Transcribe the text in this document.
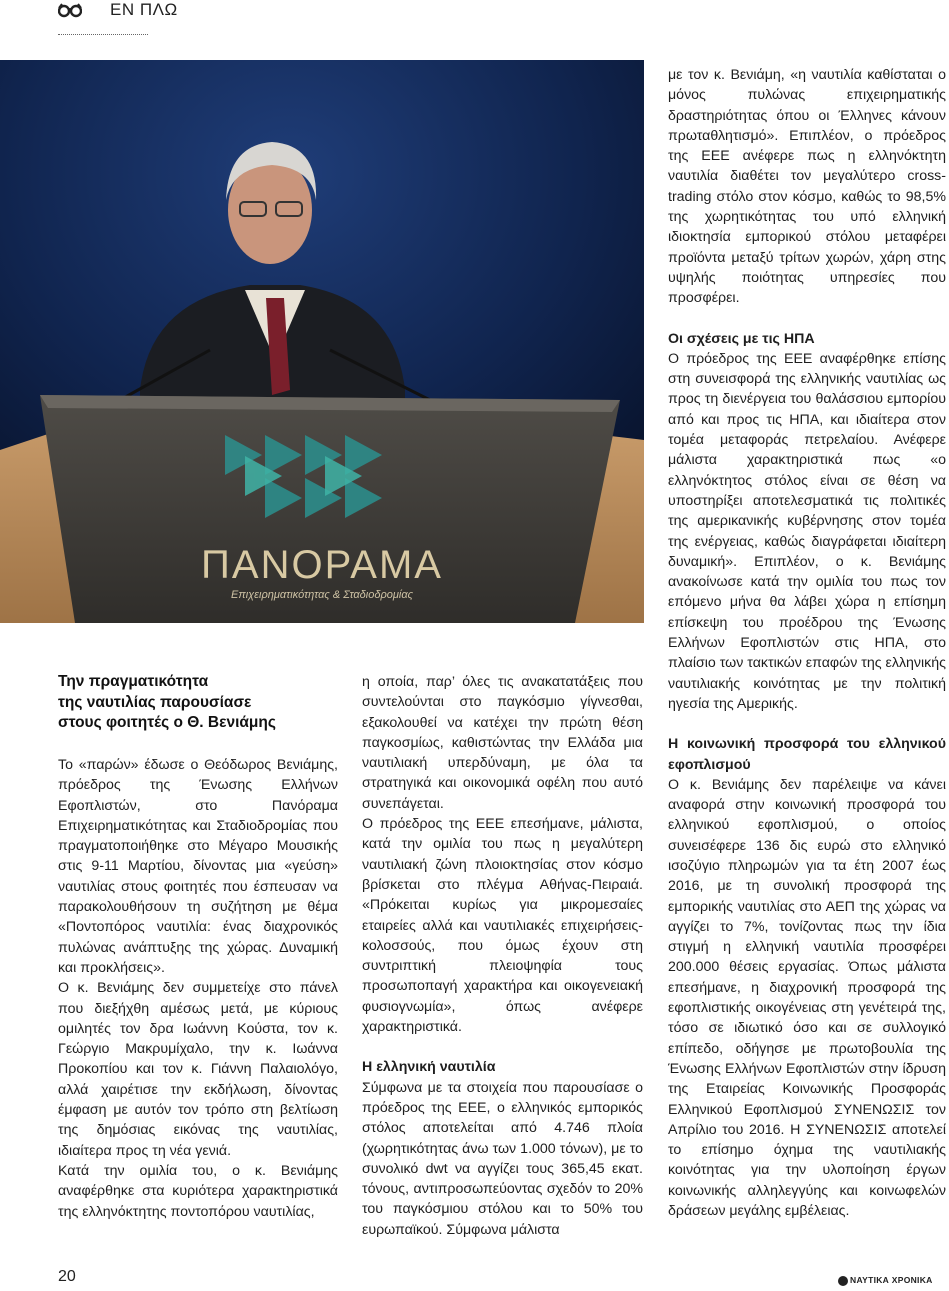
ΕΝ ΠΛΩ
ΠΑΝΟΡΑΜΑ
Επιχειρηματικότητας & Σταδιοδρομίας
Την πραγματικότητα
της ναυτιλίας παρουσίασε
στους φοιτητές ο Θ. Βενιάμης

Το «παρών» έδωσε ο Θεόδωρος Βενιάμης, πρόεδρος της Ένωσης Ελλήνων Εφοπλιστών, στο Πανόραμα Επιχειρηματικότητας και Σταδιοδρομίας που πραγματοποιήθηκε στο Μέγαρο Μουσικής στις 9-11 Μαρτίου, δίνοντας μια «γεύση» ναυτιλίας στους φοιτητές που έσπευσαν να παρακολουθήσουν τη συζήτηση με θέμα «Ποντοπόρος ναυτιλία: ένας διαχρονικός πυλώνας ανάπτυξης της χώρας. Δυναμική και προκλήσεις».

Ο κ. Βενιάμης δεν συμμετείχε στο πάνελ που διεξήχθη αμέσως μετά, με κύριους ομιλητές τον δρα Ιωάννη Κούστα, τον κ. Γεώργιο Μακρυμίχαλο, την κ. Ιωάννα Προκοπίου και τον κ. Γιάννη Παλαιολόγο, αλλά χαιρέτισε την εκδήλωση, δίνοντας έμφαση με αυτόν τον τρόπο στη βελτίωση της δημόσιας εικόνας της ναυτιλίας, ιδιαίτερα προς τη νέα γενιά.

Κατά την ομιλία του, ο κ. Βενιάμης αναφέρθηκε στα κυριότερα χαρακτηριστικά της ελληνόκτητης ποντοπόρου ναυτιλίας,

η οποία, παρ’ όλες τις ανακατατάξεις που συντελούνται στο παγκόσμιο γίγνεσθαι, εξακολουθεί να κατέχει την πρώτη θέση παγκοσμίως, καθιστώντας την Ελλάδα μια ναυτιλιακή υπερδύναμη, με όλα τα στρατηγικά και οικονομικά οφέλη που αυτό συνεπάγεται.

Ο πρόεδρος της ΕΕΕ επεσήμανε, μάλιστα, κατά την ομιλία του πως η μεγαλύτερη ναυτιλιακή ζώνη πλοιοκτησίας στον κόσμο βρίσκεται στο πλέγμα Αθήνας-Πειραιά. «Πρόκειται κυρίως για μικρομεσαίες εταιρείες αλλά και ναυτιλιακές επιχειρήσεις-κολοσσούς, που όμως έχουν στη συντριπτική πλειοψηφία τους προσωποπαγή χαρακτήρα και οικογενειακή φυσιογνωμία», όπως ανέφερε χαρακτηριστικά.

Η ελληνική ναυτιλία

Σύμφωνα με τα στοιχεία που παρουσίασε ο πρόεδρος της ΕΕΕ, ο ελληνικός εμπορικός στόλος αποτελείται από 4.746 πλοία (χωρητικότητας άνω των 1.000 τόνων), με το συνολικό dwt να αγγίζει τους 365,45 εκατ. τόνους, αντιπροσωπεύοντας σχεδόν το 20% του παγκόσμιου στόλου και το 50% του ευρωπαϊκού. Σύμφωνα μάλιστα

με τον κ. Βενιάμη, «η ναυτιλία καθίσταται ο μόνος πυλώνας επιχειρηματικής δραστηριότητας όπου οι Έλληνες κάνουν πρωταθλητισμό». Επιπλέον, ο πρόεδρος της ΕΕΕ ανέφερε πως η ελληνόκτητη ναυτιλία διαθέτει τον μεγαλύτερο cross-trading στόλο στον κόσμο, καθώς το 98,5% της χωρητικότητας του υπό ελληνική ιδιοκτησία εμπορικού στόλου μεταφέρει προϊόντα μεταξύ τρίτων χωρών, χάρη στης υψηλής ποιότητας υπηρεσίες που προσφέρει.

Οι σχέσεις με τις ΗΠΑ

Ο πρόεδρος της ΕΕΕ αναφέρθηκε επίσης στη συνεισφορά της ελληνικής ναυτιλίας ως προς τη διενέργεια του θαλάσσιου εμπορίου από και προς τις ΗΠΑ, και ιδιαίτερα στον τομέα μεταφοράς πετρελαίου. Ανέφερε μάλιστα χαρακτηριστικά πως «ο ελληνόκτητος στόλος είναι σε θέση να υποστηρίξει αποτελεσματικά τις πολιτικές της αμερικανικής κυβέρνησης στον τομέα της ενέργειας, καθώς διαγράφεται ιδιαίτερη δυναμική». Επιπλέον, ο κ. Βενιάμης ανακοίνωσε κατά την ομιλία του πως τον επόμενο μήνα θα λάβει χώρα η επίσημη επίσκεψη του προέδρου της Ένωσης Ελλήνων Εφοπλιστών στις ΗΠΑ, στο πλαίσιο των τακτικών επαφών της ελληνικής ναυτιλιακής κοινότητας με την πολιτική ηγεσία της Αμερικής.

Η κοινωνική προσφορά του ελληνικού εφοπλισμού

Ο κ. Βενιάμης δεν παρέλειψε να κάνει αναφορά στην κοινωνική προσφορά του ελληνικού εφοπλισμού, ο οποίος συνεισέφερε 136 δις ευρώ στο ελληνικό ισοζύγιο πληρωμών για τα έτη 2007 έως 2016, με τη συνολική προσφορά της εμπορικής ναυτιλίας στο ΑΕΠ της χώρας να αγγίζει το 7%, τονίζοντας πως την ίδια στιγμή η ελληνική ναυτιλία προσφέρει 200.000 θέσεις εργασίας. Όπως μάλιστα επεσήμανε, η διαχρονική προσφορά της εφοπλιστικής οικογένειας στη γενέτειρά της, τόσο σε ιδιωτικό όσο και σε συλλογικό επίπεδο, οδήγησε με πρωτοβουλία της Ένωσης Ελλήνων Εφοπλιστών στην ίδρυση της Εταιρείας Κοινωνικής Προσφοράς Ελληνικού Εφοπλισμού ΣΥΝΕΝΩΣΙΣ τον Απρίλιο του 2016. Η ΣΥΝΕΝΩΣΙΣ αποτελεί το επίσημο όχημα της ναυτιλιακής κοινότητας για την υλοποίηση έργων κοινωνικής αλληλεγγύης και κοινωφελών δράσεων μεγάλης εμβέλειας.

20	ΝΑΥΤΙΚΑ ΧΡΟΝΙΚΑ
